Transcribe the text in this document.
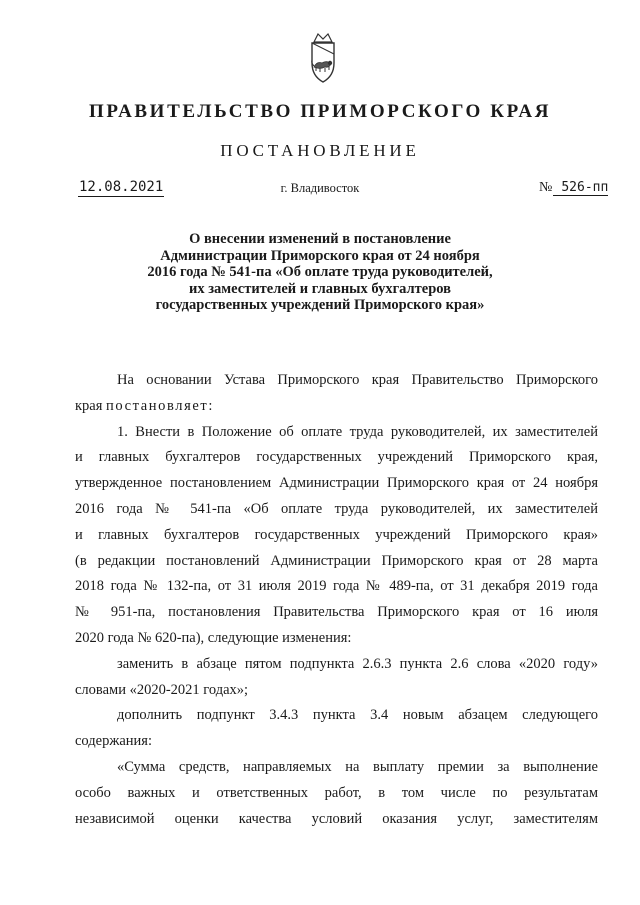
ПРАВИТЕЛЬСТВО ПРИМОРСКОГО КРАЯ
ПОСТАНОВЛЕНИЕ
12.08.2021	г. Владивосток	№ 526-пп
О внесении изменений в постановление
Администрации Приморского края от 24 ноября
2016 года № 541-па «Об оплате труда руководителей,
их заместителей и главных бухгалтеров
государственных учреждений Приморского края»

На основании Устава Приморского края Правительство Приморского
края постановляет:

1. Внести в Положение об оплате труда руководителей, их заместителей
и главных бухгалтеров государственных учреждений Приморского края,
утвержденное постановлением Администрации Приморского края от 24 ноября
2016 года № 541-па «Об оплате труда руководителей, их заместителей
и главных бухгалтеров государственных учреждений Приморского края»
(в редакции постановлений Администрации Приморского края от 28 марта
2018 года № 132-па, от 31 июля 2019 года № 489-па, от 31 декабря 2019 года
№ 951-па, постановления Правительства Приморского края от 16 июля
2020 года № 620-па), следующие изменения:

заменить в абзаце пятом подпункта 2.6.3 пункта 2.6 слова «2020 году»
словами «2020-2021 годах»;

дополнить подпункт 3.4.3 пункта 3.4 новым абзацем следующего
содержания:

«Сумма средств, направляемых на выплату премии за выполнение
особо важных и ответственных работ, в том числе по результатам
независимой оценки качества условий оказания услуг, заместителям
